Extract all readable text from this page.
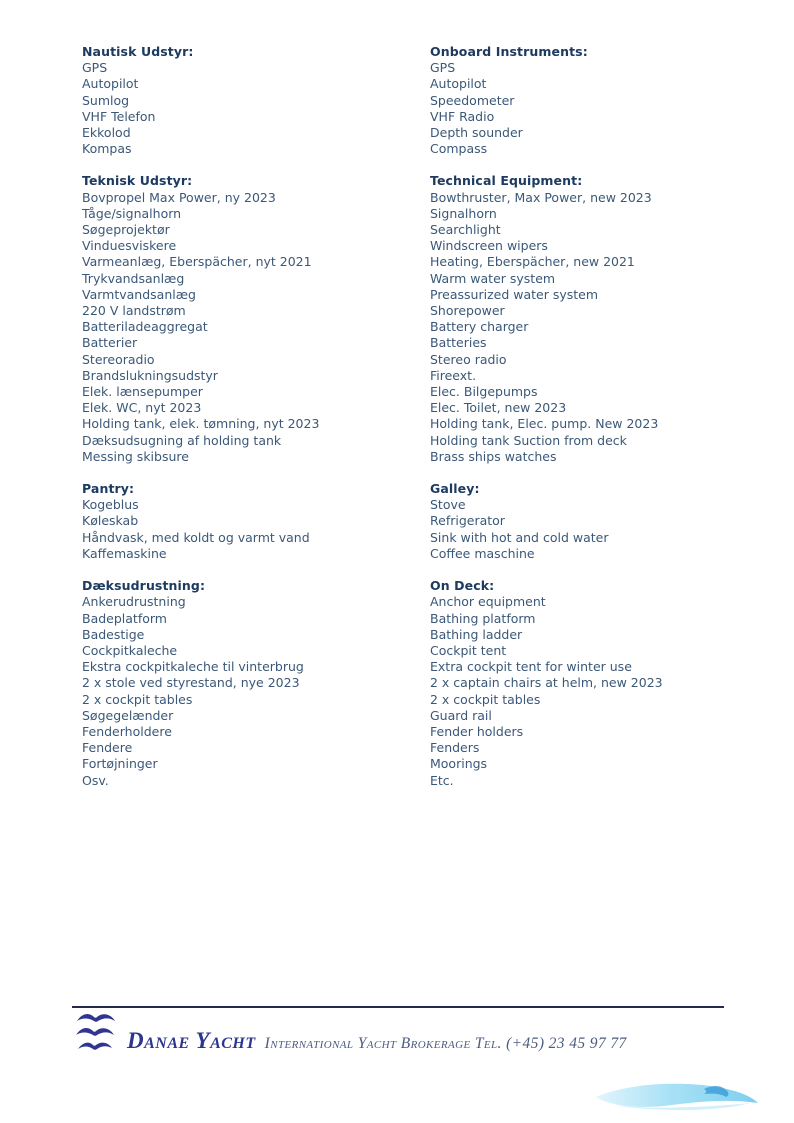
Nautisk Udstyr:
GPS
Autopilot
Sumlog
VHF Telefon
Ekkolod
Kompas
Onboard Instruments:
GPS
Autopilot
Speedometer
VHF Radio
Depth sounder
Compass
Teknisk Udstyr:
Bovpropel Max Power, ny 2023
Tåge/signalhorn
Søgeprojektør
Vinduesviskere
Varmeanlæg, Eberspächer, nyt 2021
Trykvandsanlæg
Varmtvandsanlæg
220 V landstrøm
Batteriladeaggregat
Batterier
Stereoradio
Brandslukningsudstyr
Elek. lænsepumper
Elek. WC, nyt 2023
Holding tank, elek. tømning, nyt 2023
Dæksudsugning af holding tank
Messing skibsure
Technical Equipment:
Bowthruster, Max Power, new 2023
Signalhorn
Searchlight
Windscreen wipers
Heating, Eberspächer, new 2021
Warm water system
Preassurized water system
Shorepower
Battery charger
Batteries
Stereo radio
Fireext.
Elec. Bilgepumps
Elec. Toilet, new 2023
Holding tank, Elec. pump. New 2023
Holding tank Suction from deck
Brass ships watches
Pantry:
Kogeblus
Køleskab
Håndvask, med koldt og varmt vand
Kaffemaskine
Galley:
Stove
Refrigerator
Sink with hot and cold water
Coffee maschine
Dæksudrustning:
Ankerudrustning
Badeplatform
Badestige
Cockpitkaleche
Ekstra cockpitkaleche til vinterbrug
2 x stole ved styrestand, nye 2023
2 x cockpit tables
Søgegelænder
Fenderholdere
Fendere
Fortøjninger
Osv.
On Deck:
Anchor equipment
Bathing platform
Bathing ladder
Cockpit tent
Extra cockpit tent for winter use
2 x captain chairs at helm, new 2023
2 x cockpit tables
Guard rail
Fender holders
Fenders
Moorings
Etc.
Danae Yacht International Yacht Brokerage Tel. (+45) 23 45 97 77
